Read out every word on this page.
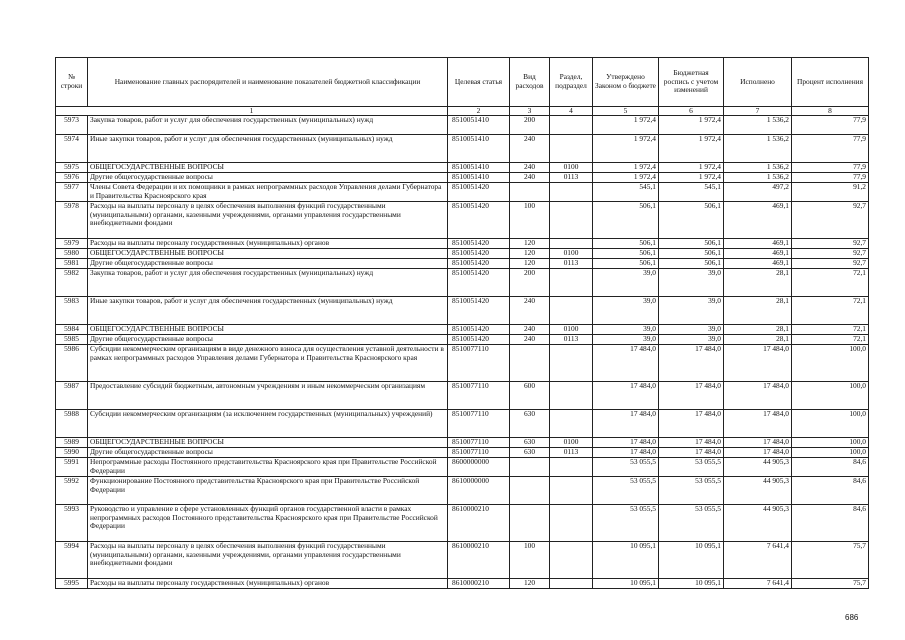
№ строки	Наименование главных распорядителей и наименование показателей бюджетной классификации	Целевая статья	Вид расходов	Раздел, подраздел	Утверждено Законом о бюджете	Бюджетная роспись с учетом изменений	Исполнено	Процент исполнения
1		2	3	4	5	6	7	8
5973	Закупка товаров, работ и услуг для обеспечения государственных (муниципальных) нужд	8510051410	200		1 972,4	1 972,4	1 536,2	77,9
5974	Иные закупки товаров, работ и услуг для обеспечения государственных (муниципальных) нужд	8510051410	240		1 972,4	1 972,4	1 536,2	77,9
5975	ОБЩЕГОСУДАРСТВЕННЫЕ ВОПРОСЫ	8510051410	240	0100	1 972,4	1 972,4	1 536,2	77,9
5976	Другие общегосударственные вопросы	8510051410	240	0113	1 972,4	1 972,4	1 536,2	77,9
5977	Члены Совета Федерации и их помощники в рамках непрограммных расходов Управления делами Губернатора и Правительства Красноярского края	8510051420			545,1	545,1	497,2	91,2
5978	Расходы на выплаты персоналу в целях обеспечения выполнения функций государственными (муниципальными) органами, казенными учреждениями, органами управления государственными внебюджетными фондами	8510051420	100		506,1	506,1	469,1	92,7
5979	Расходы на выплаты персоналу государственных (муниципальных) органов	8510051420	120		506,1	506,1	469,1	92,7
5980	ОБЩЕГОСУДАРСТВЕННЫЕ ВОПРОСЫ	8510051420	120	0100	506,1	506,1	469,1	92,7
5981	Другие общегосударственные вопросы	8510051420	120	0113	506,1	506,1	469,1	92,7
5982	Закупка товаров, работ и услуг для обеспечения государственных (муниципальных) нужд	8510051420	200		39,0	39,0	28,1	72,1
5983	Иные закупки товаров, работ и услуг для обеспечения государственных (муниципальных) нужд	8510051420	240		39,0	39,0	28,1	72,1
5984	ОБЩЕГОСУДАРСТВЕННЫЕ ВОПРОСЫ	8510051420	240	0100	39,0	39,0	28,1	72,1
5985	Другие общегосударственные вопросы	8510051420	240	0113	39,0	39,0	28,1	72,1
5986	Субсидии некоммерческим организациям в виде денежного взноса для осуществления уставной деятельности в рамках непрограммных расходов Управления делами Губернатора и Правительства Красноярского края	8510077110			17 484,0	17 484,0	17 484,0	100,0
5987	Предоставление субсидий бюджетным, автономным учреждениям и иным некоммерческим организациям	8510077110	600		17 484,0	17 484,0	17 484,0	100,0
5988	Субсидии некоммерческим организациям (за исключением государственных (муниципальных) учреждений)	8510077110	630		17 484,0	17 484,0	17 484,0	100,0
5989	ОБЩЕГОСУДАРСТВЕННЫЕ ВОПРОСЫ	8510077110	630	0100	17 484,0	17 484,0	17 484,0	100,0
5990	Другие общегосударственные вопросы	8510077110	630	0113	17 484,0	17 484,0	17 484,0	100,0
5991	Непрограммные расходы Постоянного представительства Красноярского края при Правительстве Российской Федерации	8600000000			53 055,5	53 055,5	44 905,3	84,6
5992	Функционирование Постоянного представительства Красноярского края при Правительстве Российской Федерации	8610000000			53 055,5	53 055,5	44 905,3	84,6
5993	Руководство и управление в сфере установленных функций органов государственной власти в рамках непрограммных расходов Постоянного представительства Красноярского края при Правительстве Российской Федерации	8610000210			53 055,5	53 055,5	44 905,3	84,6
5994	Расходы на выплаты персоналу в целях обеспечения выполнения функций государственными (муниципальными) органами, казенными учреждениями, органами управления государственными внебюджетными фондами	8610000210	100		10 095,1	10 095,1	7 641,4	75,7
5995	Расходы на выплаты персоналу государственных (муниципальных) органов	8610000210	120		10 095,1	10 095,1	7 641,4	75,7
686
